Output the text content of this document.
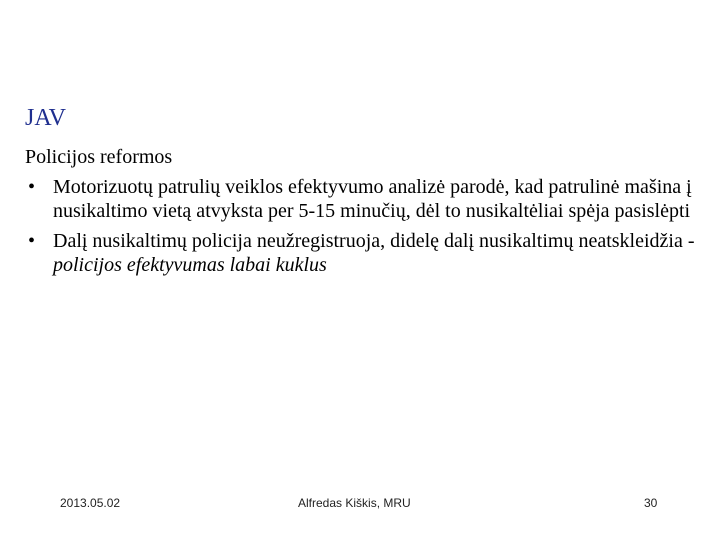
JAV

Policijos reformos

• Motorizuotų patrulių veiklos efektyvumo analizė parodė, kad patrulinė mašina į nusikaltimo vietą atvyksta per 5-15 minučių, dėl to nusikaltėliai spėja pasislėpti
• Dalį nusikaltimų policija neužregistruoja, didelę dalį nusikaltimų neatskleidžia - policijos efektyvumas labai kuklus
2013.05.02	Alfredas Kiškis, MRU	30
